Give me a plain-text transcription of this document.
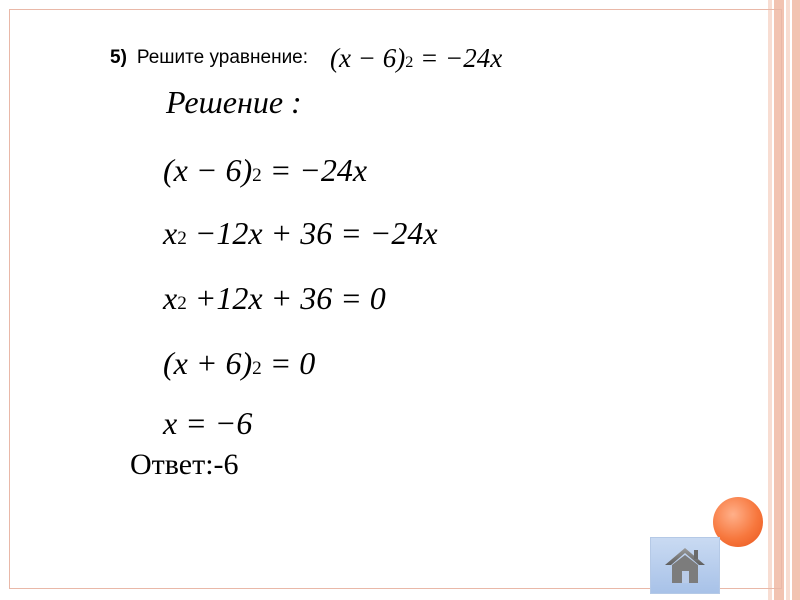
5) Решите уравнение: $(x - 6)^2 = -24x$
Решение :
$(x - 6)^2 = -24x$
$x^2 -12x + 36 = -24x$
$x^2 +12x + 36 = 0$
$(x + 6)^2 = 0$
x = −6
Ответ:-6
